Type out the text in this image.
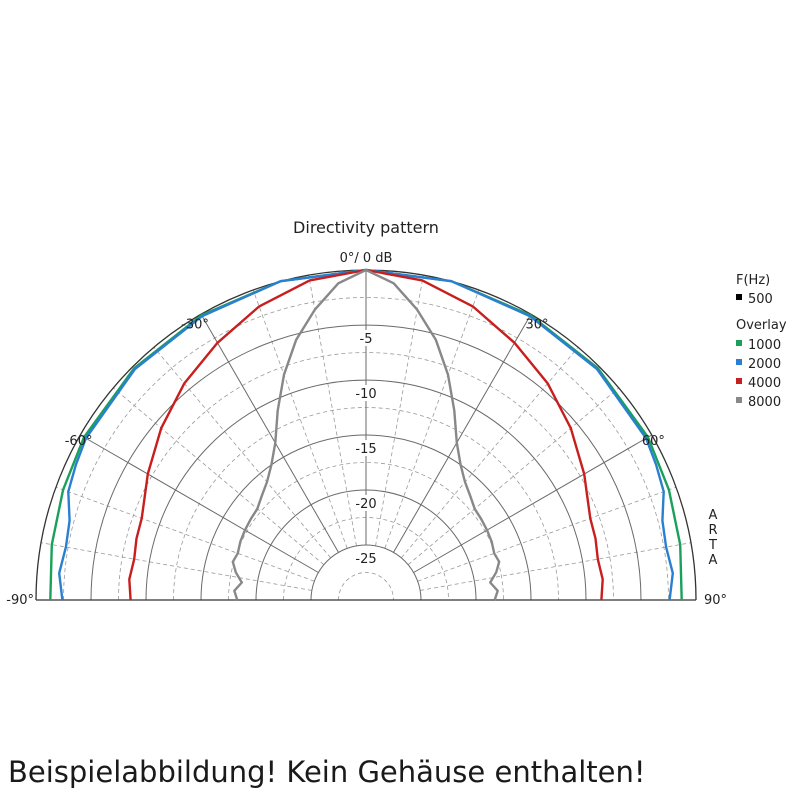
-5
-10
-15
-20
-25
-90°
-60°
-30°	30°
60°
90°
Directivity pattern
0°/ 0 dB
F(Hz)
500
Overlay
1000
2000
4000
8000
A
R
T
A
Beispielabbildung! Kein Gehäuse enthalten!
